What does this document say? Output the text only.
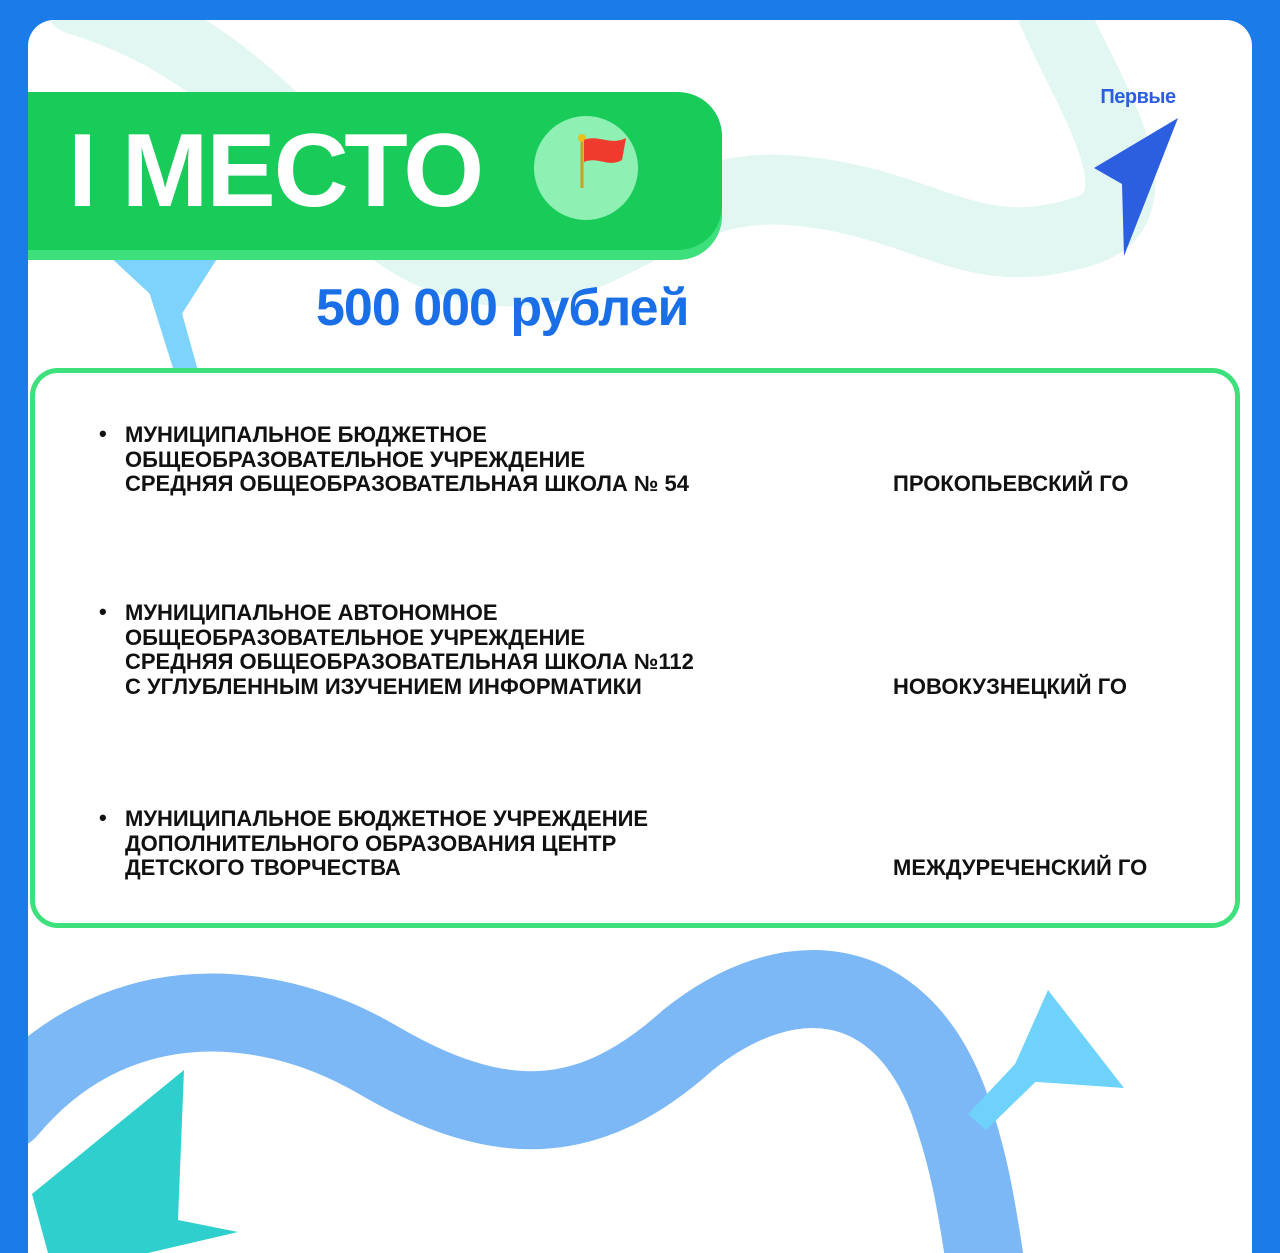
I МЕСТО
500 000 рублей
Первые
• МУНИЦИПАЛЬНОЕ БЮДЖЕТНОЕ
ОБЩЕОБРАЗОВАТЕЛЬНОЕ УЧРЕЖДЕНИЕ
СРЕДНЯЯ ОБЩЕОБРАЗОВАТЕЛЬНАЯ ШКОЛА № 54	ПРОКОПЬЕВСКИЙ ГО
• МУНИЦИПАЛЬНОЕ АВТОНОМНОЕ
ОБЩЕОБРАЗОВАТЕЛЬНОЕ УЧРЕЖДЕНИЕ
СРЕДНЯЯ ОБЩЕОБРАЗОВАТЕЛЬНАЯ ШКОЛА №112
С УГЛУБЛЕННЫМ ИЗУЧЕНИЕМ ИНФОРМАТИКИ	НОВОКУЗНЕЦКИЙ ГО
• МУНИЦИПАЛЬНОЕ БЮДЖЕТНОЕ УЧРЕЖДЕНИЕ
ДОПОЛНИТЕЛЬНОГО ОБРАЗОВАНИЯ ЦЕНТР
ДЕТСКОГО ТВОРЧЕСТВА	МЕЖДУРЕЧЕНСКИЙ ГО
